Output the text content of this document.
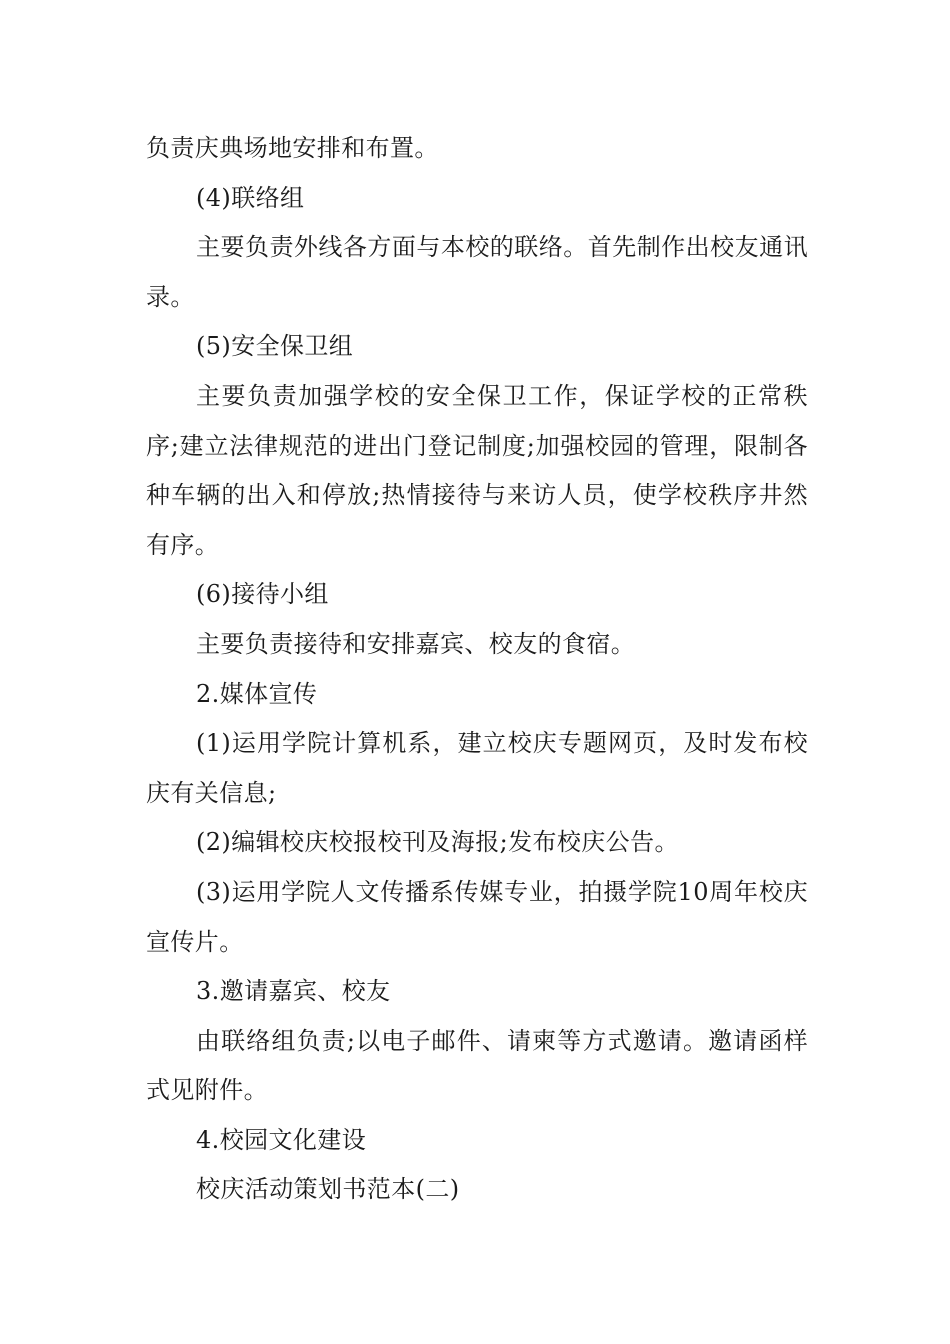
负责庆典场地安排和布置。

(4)联络组

主要负责外线各方面与本校的联络。首先制作出校友通讯录。

(5)安全保卫组

主要负责加强学校的安全保卫工作，保证学校的正常秩序;建立法律规范的进出门登记制度;加强校园的管理，限制各种车辆的出入和停放;热情接待与来访人员，使学校秩序井然有序。

(6)接待小组

主要负责接待和安排嘉宾、校友的食宿。

2.媒体宣传

(1)运用学院计算机系，建立校庆专题网页，及时发布校庆有关信息;

(2)编辑校庆校报校刊及海报;发布校庆公告。

(3)运用学院人文传播系传媒专业，拍摄学院10周年校庆宣传片。

3.邀请嘉宾、校友

由联络组负责;以电子邮件、请柬等方式邀请。邀请函样式见附件。

4.校园文化建设

校庆活动策划书范本(二)
